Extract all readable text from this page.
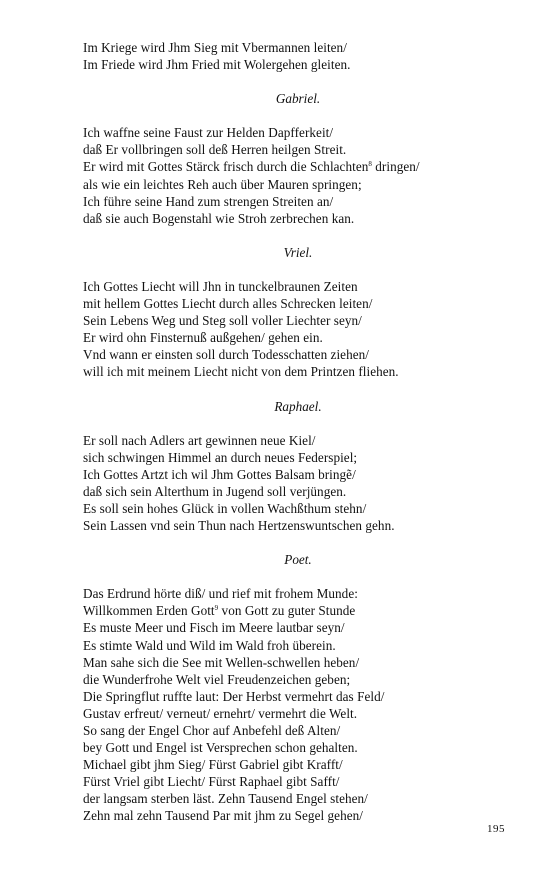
Im Kriege wird Jhm Sieg mit Vbermannen leiten/
Im Friede wird Jhm Fried mit Wolergehen gleiten.
Gabriel.
Ich waffne seine Faust zur Helden Dapfferkeit/
daß Er vollbringen soll deß Herren heilgen Streit.
Er wird mit Gottes Stärck frisch durch die Schlachten$^8$ dringen/
als wie ein leichtes Reh auch über Mauren springen;
Ich führe seine Hand zum strengen Streiten an/
daß sie auch Bogenstahl wie Stroh zerbrechen kan.
Vriel.
Ich Gottes Liecht will Jhn in tunckelbraunen Zeiten
mit hellem Gottes Liecht durch alles Schrecken leiten/
Sein Lebens Weg und Steg soll voller Liechter seyn/
Er wird ohn Finsternuß außgehen/ gehen ein.
Vnd wann er einsten soll durch Todesschatten ziehen/
will ich mit meinem Liecht nicht von dem Printzen fliehen.
Raphael.
Er soll nach Adlers art gewinnen neue Kiel/
sich schwingen Himmel an durch neues Federspiel;
Ich Gottes Artzt ich wil Jhm Gottes Balsam bringẽ/
daß sich sein Alterthum in Jugend soll verjüngen.
Es soll sein hohes Glück in vollen Wachßthum stehn/
Sein Lassen vnd sein Thun nach Hertzenswuntschen gehn.
Poet.
Das Erdrund hörte diß/ und rief mit frohem Munde:
Willkommen Erden Gott$^9$ von Gott zu guter Stunde
Es muste Meer und Fisch im Meere lautbar seyn/
Es stimte Wald und Wild im Wald froh überein.
Man sahe sich die See mit Wellen-schwellen heben/
die Wunderfrohe Welt viel Freudenzeichen geben;
Die Springflut ruffte laut: Der Herbst vermehrt das Feld/
Gustav erfreut/ verneut/ ernehrt/ vermehrt die Welt.
So sang der Engel Chor auf Anbefehl deß Alten/
bey Gott und Engel ist Versprechen schon gehalten.
Michael gibt jhm Sieg/ Fürst Gabriel gibt Krafft/
Fürst Vriel gibt Liecht/ Fürst Raphael gibt Safft/
der langsam sterben läst. Zehn Tausend Engel stehen/
Zehn mal zehn Tausend Par mit jhm zu Segel gehen/
195
